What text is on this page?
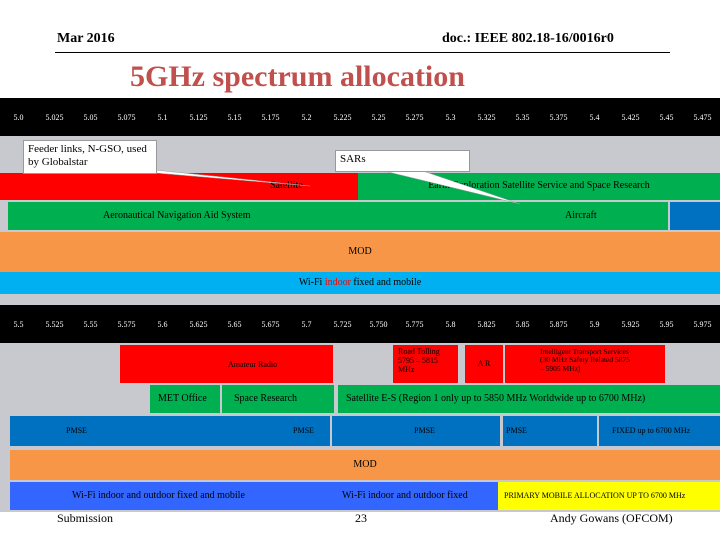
Mar 2016	doc.: IEEE 802.18-16/0016r0
5GHz spectrum allocation
5.0	5.025	5.05	5.075	5.1	5.125	5.15	5.175	5.2	5.225	5.25	5.275	5.3	5.325	5.35	5.375	5.4	5.425	5.45	5.475
Satellite	Earth Exploration Satellite Service and Space Research
Aeronautical Navigation Aid System	Aircraft
MOD
Wi-Fi indoor fixed and mobile
Feeder links, N-GSO, used by Globalstar	SARs
5.5	5.525	5.55	5.575	5.6	5.625	5.65	5.675	5.7	5.725	5.750	5.775	5.8	5.825	5.85	5.875	5.9	5.925	5.95	5.975
Amateur Radio
Road Tolling 5795 – 5815 MHz
A R
Intelligent Transport Services (30 MHz Safety Related 5875 – 5905 MHz)
MET Office	Space Research	Satellite E-S (Region 1 only up to 5850 MHz Worldwide up to 6700 MHz)
PMSE	PMSE	PMSE	PMSE	FIXED up to 6700 MHz
MOD
Wi-Fi indoor and outdoor fixed and mobile	Wi-Fi indoor and outdoor fixed	PRIMARY MOBILE ALLOCATION UP TO 6700 MHz
Submission	23	Andy Gowans (OFCOM)
